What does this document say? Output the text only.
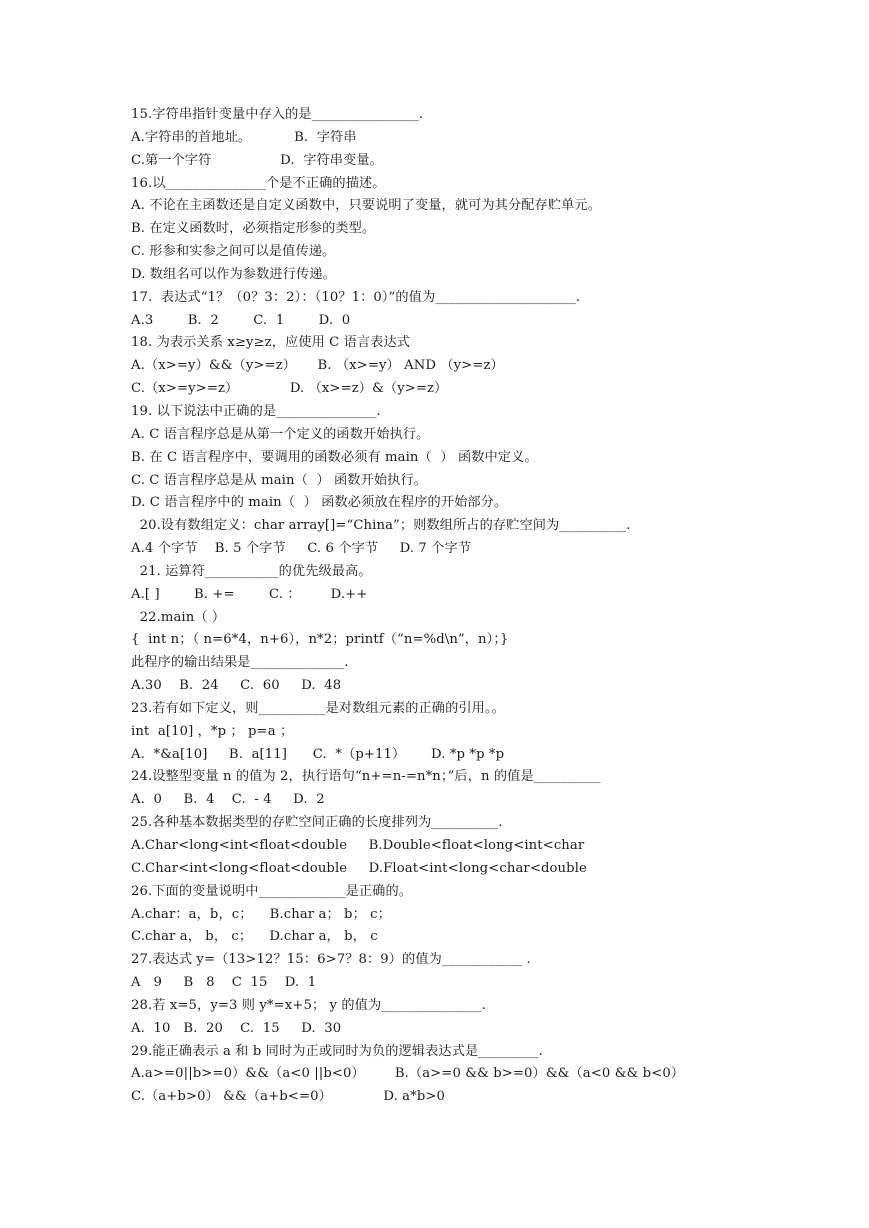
15.字符串指针变量中存入的是________________.
A.字符串的首地址。          B.  字符串
C.第一个字符                D.  字符串变量。
16.以_______________个是不正确的描述。
A. 不论在主函数还是自定义函数中，只要说明了变量，就可为其分配存贮单元。
B. 在定义函数时，必须指定形参的类型。
C. 形参和实参之间可以是值传递。
D. 数组名可以作为参数进行传递。
17.  表达式“1？（0？3：2）：（10？1：0）”的值为_____________________.
A.3        B.  2        C.  1        D.  0
18. 为表示关系 x≥y≥z，应使用 C 语言表达式
A.（x>=y）&&（y>=z）     B. （x>=y） AND （y>=z）
C.（x>=y>=z）            D. （x>=z）&（y>=z）
19. 以下说法中正确的是_______________.
A. C 语言程序总是从第一个定义的函数开始执行。
B. 在 C 语言程序中，要调用的函数必须有 main（  ） 函数中定义。
C. C 语言程序总是从 main（  ） 函数开始执行。
D. C 语言程序中的 main（  ） 函数必须放在程序的开始部分。
20.设有数组定义：char array[]=“China”；则数组所占的存贮空间为__________.
A.4 个字节    B. 5 个字节     C. 6 个字节     D. 7 个字节
21. 运算符___________的优先级最高。
A.[ ]        B. +=        C. ：       D.++
22.main（ ）
{  int n；（ n=6*4，n+6），n*2；printf（“n=%d\n”，n）；}
此程序的输出结果是______________.
A.30    B.  24     C.  60     D.  48
23.若有如下定义，则__________是对数组元素的正确的引用。。
int  a[10] ，*p ； p=a ；
A.  *&a[10]     B.  a[11]      C.  *（p+11）      D. *p *p *p
24.设整型变量 n 的值为 2，执行语句“n+=n-=n*n；”后，n 的值是__________
A.  0     B.  4    C.  - 4     D.  2
25.各种基本数据类型的存贮空间正确的长度排列为__________.
A.Char<long<int<float<double     B.Double<float<long<int<char
C.Char<int<long<float<double     D.Float<int<long<char<double
26.下面的变量说明中_____________是正确的。
A.char：a，b，c；    B.char a； b； c；
C.char a， b， c；    D.char a， b， c
27.表达式 y=（13>12？15：6>7？8：9）的值为____________ .
A   9     B   8    C  15    D.  1
28.若 x=5，y=3 则 y*=x+5； y 的值为_______________.
A.  10   B.  20    C.  15     D.  30
29.能正确表示 a 和 b 同时为正或同时为负的逻辑表达式是_________.
A.a>=0||b>=0）&&（a<0 ||b<0）       B.（a>=0 && b>=0）&&（a<0 && b<0）
C.（a+b>0） &&（a+b<=0）            D. a*b>0
